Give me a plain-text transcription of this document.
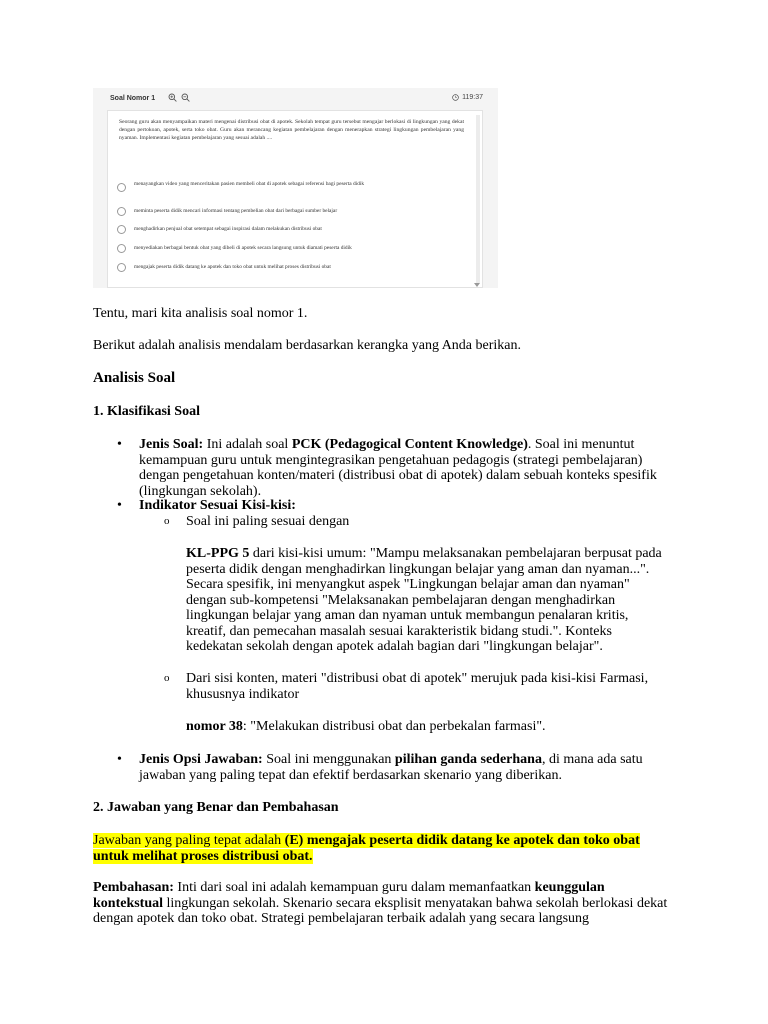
Soal Nomor 1	119:37
Seorang guru akan menyampaikan materi mengenai distribusi obat di apotek. Sekolah tempat guru tersebut mengajar berlokasi di lingkungan yang dekat dengan pertokoan, apotek, serta toko obat. Guru akan merancang kegiatan pembelajaran dengan menerapkan strategi lingkungan pembelajaran yang nyaman. Implementasi kegiatan pembelajaran yang sesuai adalah ....
menayangkan video yang menceritakan pasien membeli obat di apotek sebagai referensi bagi peserta didik
meminta peserta didik mencari informasi tentang pembelian obat dari berbagai sumber belajar
menghadirkan penjual obat setempat sebagai inspirasi dalam melakukan distribusi obat
menyediakan berbagai bentuk obat yang dibeli di apotek secara langsung untuk diamati peserta didik
mengajak peserta didik datang ke apotek dan toko obat untuk melihat proses distribusi obat

Tentu, mari kita analisis soal nomor 1.

Berikut adalah analisis mendalam berdasarkan kerangka yang Anda berikan.

Analisis Soal

1. Klasifikasi Soal

• Jenis Soal: Ini adalah soal PCK (Pedagogical Content Knowledge). Soal ini menuntut kemampuan guru untuk mengintegrasikan pengetahuan pedagogis (strategi pembelajaran) dengan pengetahuan konten/materi (distribusi obat di apotek) dalam sebuah konteks spesifik (lingkungan sekolah).
• Indikator Sesuai Kisi-kisi:
o Soal ini paling sesuai dengan
KL-PPG 5 dari kisi-kisi umum: "Mampu melaksanakan pembelajaran berpusat pada peserta didik dengan menghadirkan lingkungan belajar yang aman dan nyaman...". Secara spesifik, ini menyangkut aspek "Lingkungan belajar aman dan nyaman" dengan sub-kompetensi "Melaksanakan pembelajaran dengan menghadirkan lingkungan belajar yang aman dan nyaman untuk membangun penalaran kritis, kreatif, dan pemecahan masalah sesuai karakteristik bidang studi.". Konteks kedekatan sekolah dengan apotek adalah bagian dari "lingkungan belajar".
o Dari sisi konten, materi "distribusi obat di apotek" merujuk pada kisi-kisi Farmasi, khususnya indikator
nomor 38: "Melakukan distribusi obat dan perbekalan farmasi".
• Jenis Opsi Jawaban: Soal ini menggunakan pilihan ganda sederhana, di mana ada satu jawaban yang paling tepat dan efektif berdasarkan skenario yang diberikan.

2. Jawaban yang Benar dan Pembahasan

Jawaban yang paling tepat adalah (E) mengajak peserta didik datang ke apotek dan toko obat untuk melihat proses distribusi obat.

Pembahasan: Inti dari soal ini adalah kemampuan guru dalam memanfaatkan keunggulan kontekstual lingkungan sekolah. Skenario secara eksplisit menyatakan bahwa sekolah berlokasi dekat dengan apotek dan toko obat. Strategi pembelajaran terbaik adalah yang secara langsung
